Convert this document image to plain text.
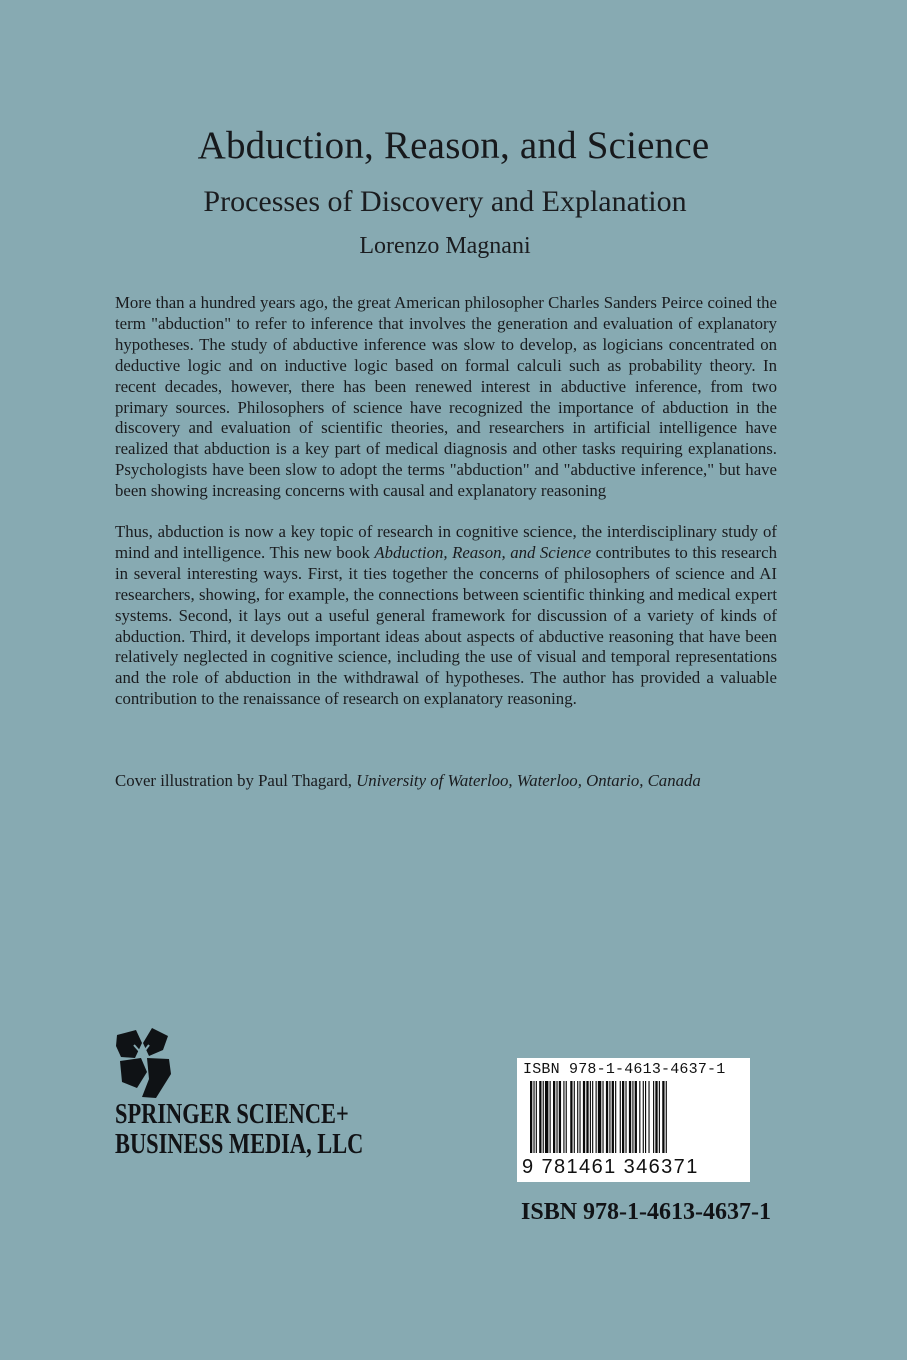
Abduction, Reason, and Science
Processes of Discovery and Explanation
Lorenzo Magnani
More than a hundred years ago, the great American philosopher Charles Sanders Peirce coined the term "abduction" to refer to inference that involves the generation and evaluation of explanatory hypotheses. The study of abductive inference was slow to develop, as logicians concentrated on deductive logic and on inductive logic based on formal calculi such as probability theory. In recent decades, however, there has been renewed interest in abductive inference, from two primary sources. Philosophers of science have recognized the importance of abduction in the discovery and evaluation of scientific theories, and researchers in artificial intelligence have realized that abduction is a key part of medical diagnosis and other tasks requiring explanations. Psychologists have been slow to adopt the terms "abduction" and "abductive inference," but have been showing increasing concerns with causal and explanatory reasoning
Thus, abduction is now a key topic of research in cognitive science, the interdisciplinary study of mind and intelligence. This new book Abduction, Reason, and Science contributes to this research in several interesting ways. First, it ties together the concerns of philosophers of science and AI researchers, showing, for example, the connections between scientific thinking and medical expert systems. Second, it lays out a useful general framework for discussion of a variety of kinds of abduction. Third, it develops important ideas about aspects of abductive reasoning that have been relatively neglected in cognitive science, including the use of visual and temporal representations and the role of abduction in the withdrawal of hypotheses. The author has provided a valuable contribution to the renaissance of research on explanatory reasoning.
Cover illustration by Paul Thagard, University of Waterloo, Waterloo, Ontario, Canada
SPRINGER SCIENCE+
BUSINESS MEDIA, LLC
ISBN 978-1-4613-4637-1
9 781461 346371
ISBN 978-1-4613-4637-1
